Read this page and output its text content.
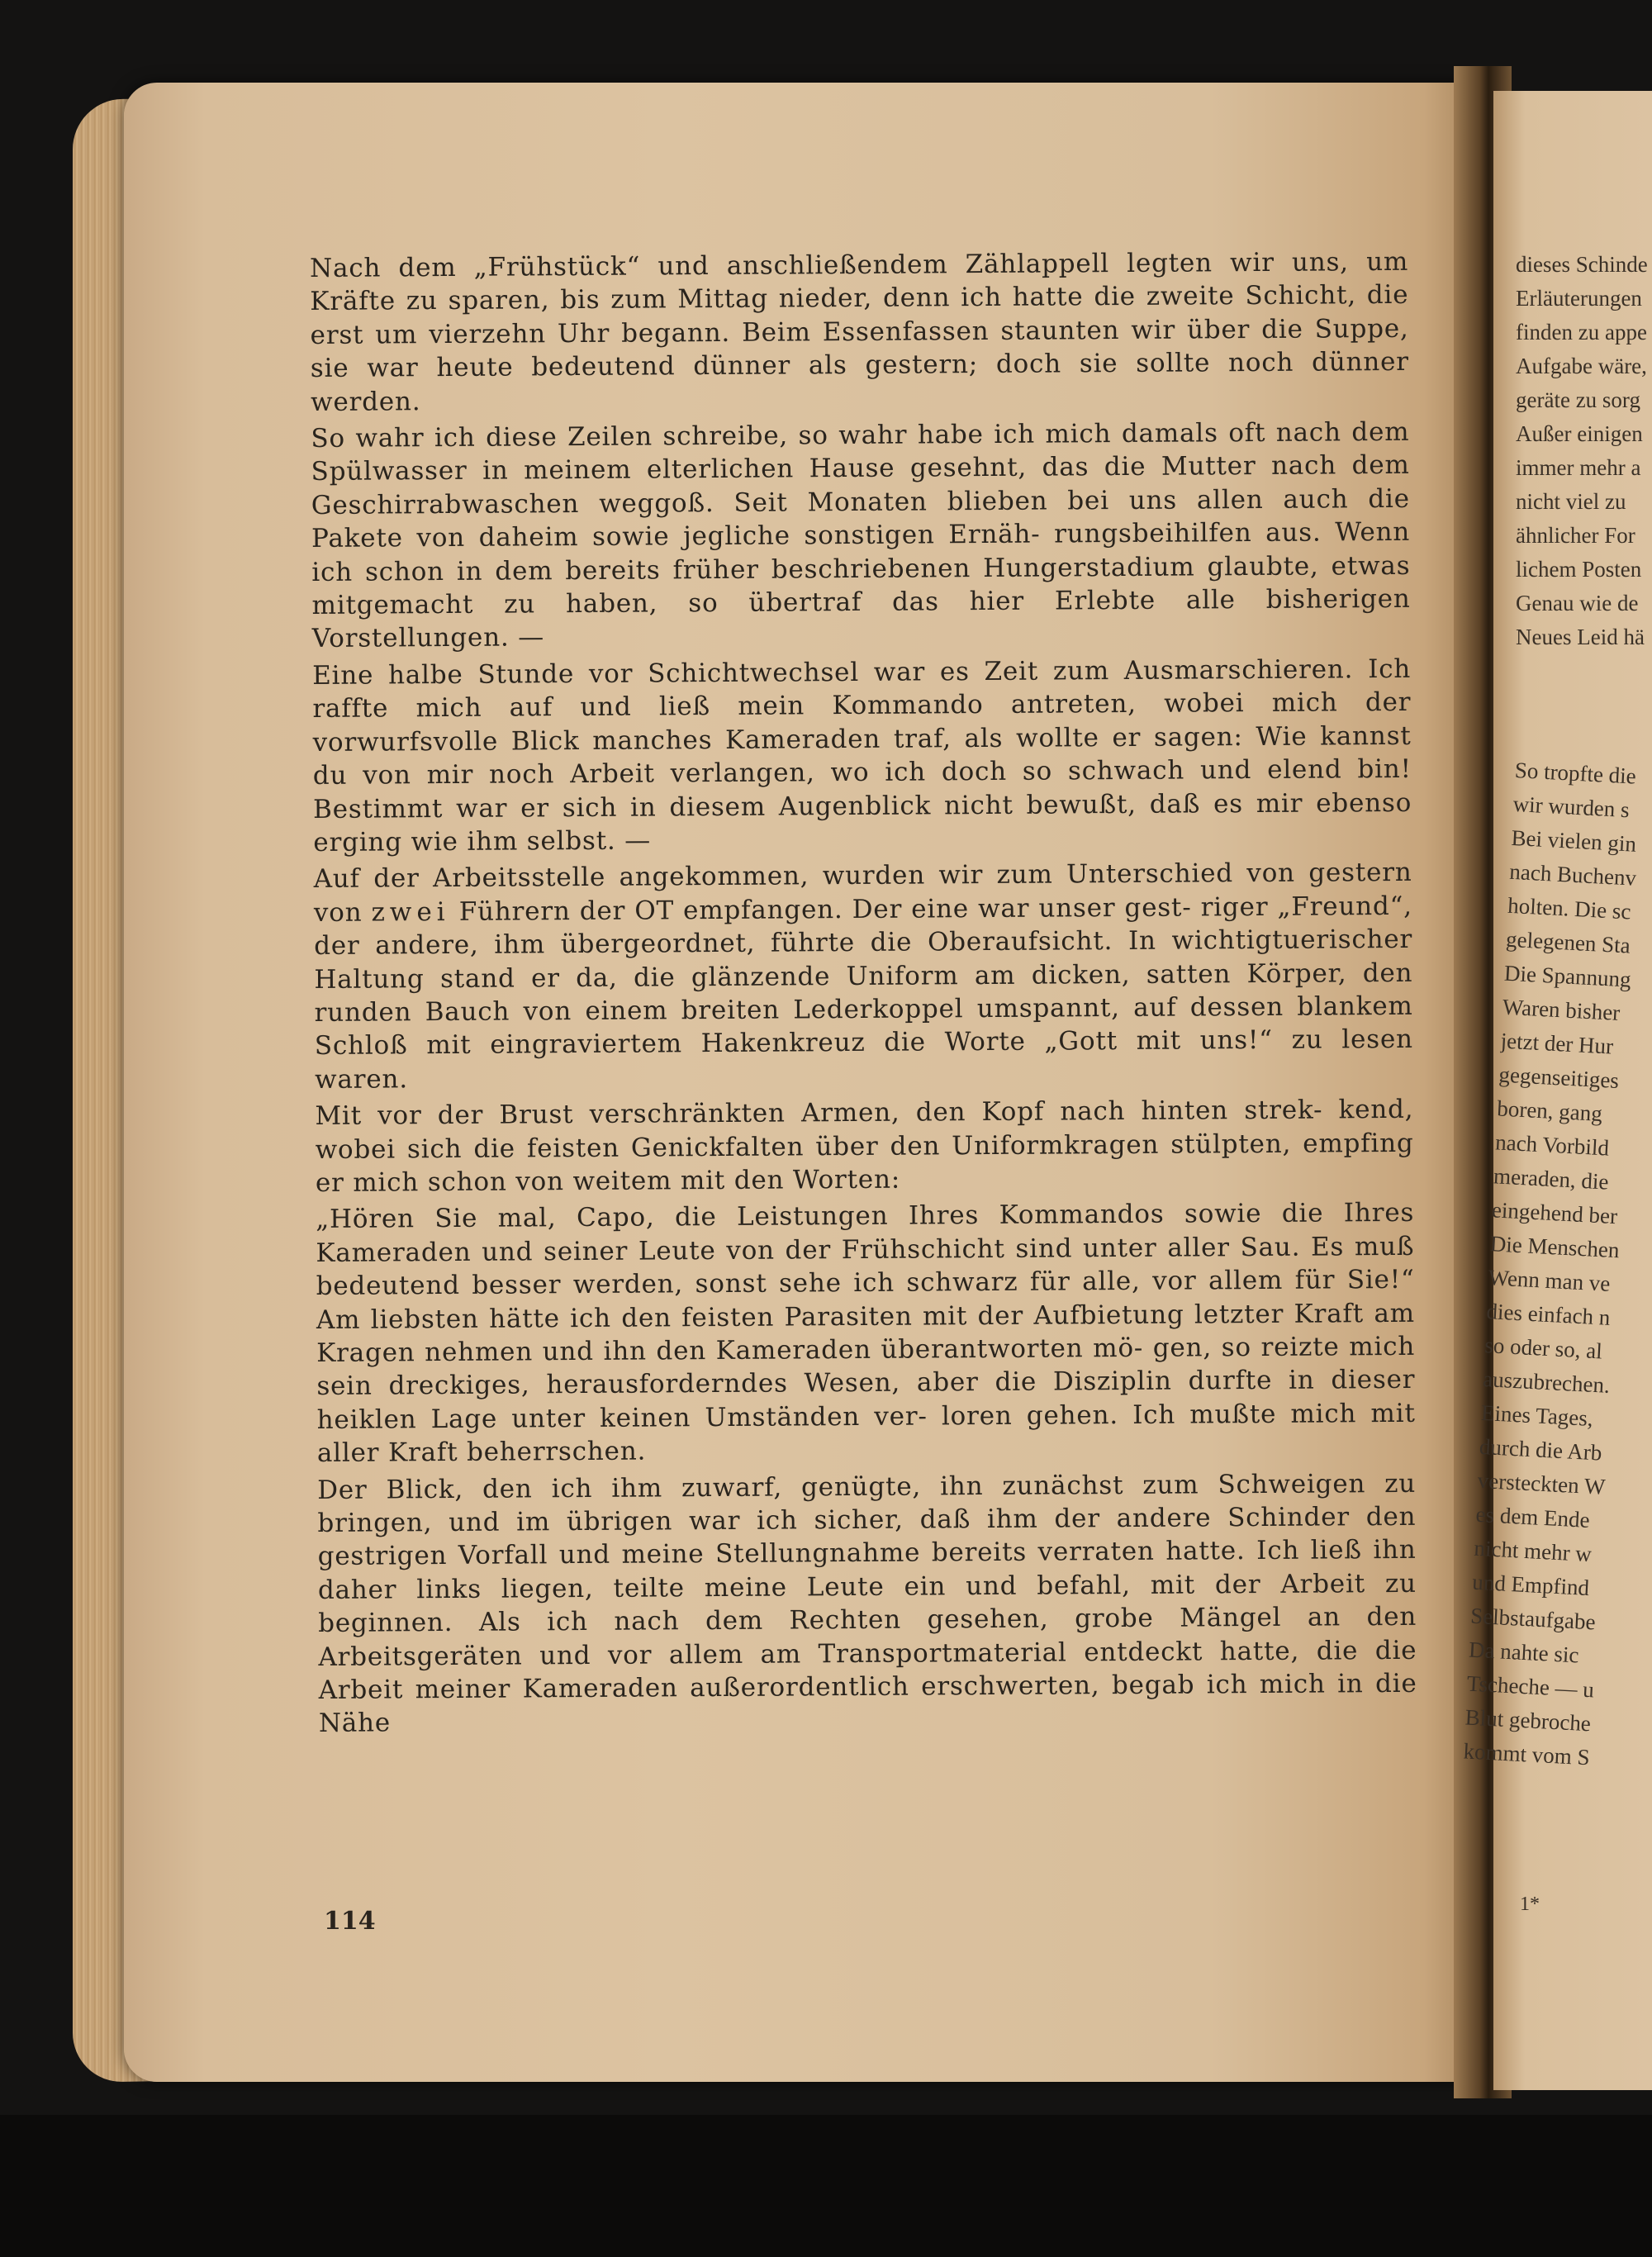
Nach dem „Frühstück“ und anschließendem Zählappell legten wir uns, um Kräfte zu sparen, bis zum Mittag nieder, denn ich hatte die zweite Schicht, die erst um vierzehn Uhr begann. Beim Essenfassen staunten wir über die Suppe, sie war heute bedeutend dünner als gestern; doch sie sollte noch dünner werden.

So wahr ich diese Zeilen schreibe, so wahr habe ich mich damals oft nach dem Spülwasser in meinem elterlichen Hause gesehnt, das die Mutter nach dem Geschirrabwaschen weggoß. Seit Monaten blieben bei uns allen auch die Pakete von daheim sowie jegliche sonstigen Ernäh- rungsbeihilfen aus. Wenn ich schon in dem bereits früher beschriebenen Hungerstadium glaubte, etwas mitgemacht zu haben, so übertraf das hier Erlebte alle bisherigen Vorstellungen. —

Eine halbe Stunde vor Schichtwechsel war es Zeit zum Ausmarschieren. Ich raffte mich auf und ließ mein Kommando antreten, wobei mich der vorwurfsvolle Blick manches Kameraden traf, als wollte er sagen: Wie kannst du von mir noch Arbeit verlangen, wo ich doch so schwach und elend bin! Bestimmt war er sich in diesem Augenblick nicht bewußt, daß es mir ebenso erging wie ihm selbst. —

Auf der Arbeitsstelle angekommen, wurden wir zum Unterschied von gestern von zwei Führern der OT empfangen. Der eine war unser gest- riger „Freund“, der andere, ihm übergeordnet, führte die Oberaufsicht. In wichtigtuerischer Haltung stand er da, die glänzende Uniform am dicken, satten Körper, den runden Bauch von einem breiten Lederkoppel umspannt, auf dessen blankem Schloß mit eingraviertem Hakenkreuz die Worte „Gott mit uns!“ zu lesen waren.

Mit vor der Brust verschränkten Armen, den Kopf nach hinten strek- kend, wobei sich die feisten Genickfalten über den Uniformkragen stülpten, empfing er mich schon von weitem mit den Worten:

„Hören Sie mal, Capo, die Leistungen Ihres Kommandos sowie die Ihres Kameraden und seiner Leute von der Frühschicht sind unter aller Sau. Es muß bedeutend besser werden, sonst sehe ich schwarz für alle, vor allem für Sie!“ Am liebsten hätte ich den feisten Parasiten mit der Aufbietung letzter Kraft am Kragen nehmen und ihn den Kameraden überantworten mö- gen, so reizte mich sein dreckiges, herausforderndes Wesen, aber die Disziplin durfte in dieser heiklen Lage unter keinen Umständen ver- loren gehen. Ich mußte mich mit aller Kraft beherrschen.

Der Blick, den ich ihm zuwarf, genügte, ihn zunächst zum Schweigen zu bringen, und im übrigen war ich sicher, daß ihm der andere Schinder den gestrigen Vorfall und meine Stellungnahme bereits verraten hatte. Ich ließ ihn daher links liegen, teilte meine Leute ein und befahl, mit der Arbeit zu beginnen. Als ich nach dem Rechten gesehen, grobe Mängel an den Arbeitsgeräten und vor allem am Transportmaterial entdeckt hatte, die die Arbeit meiner Kameraden außerordentlich erschwerten, begab ich mich in die Nähe

114
dieses Schinde
Erläuterungen
finden zu appe
Aufgabe wäre,
geräte zu sorg
Außer einigen
immer mehr a
nicht viel zu
ähnlicher For
lichem Posten
Genau wie de
Neues Leid hä
So tropfte die
wir wurden s
Bei vielen gin
nach Buchenv
holten. Die sc
gelegenen Sta
Die Spannung
Waren bisher
jetzt der Hur
gegenseitiges
boren, gang
nach Vorbild
meraden, die
eingehend ber
Die Menschen
Wenn man ve
dies einfach n
so oder so, al
auszubrechen.
Eines Tages,
durch die Arb
versteckten W
es dem Ende
nicht mehr w
und Empfind
Selbstaufgabe
Da nahte sic
Tscheche — u
Blut gebroche
kommt vom S
1*
